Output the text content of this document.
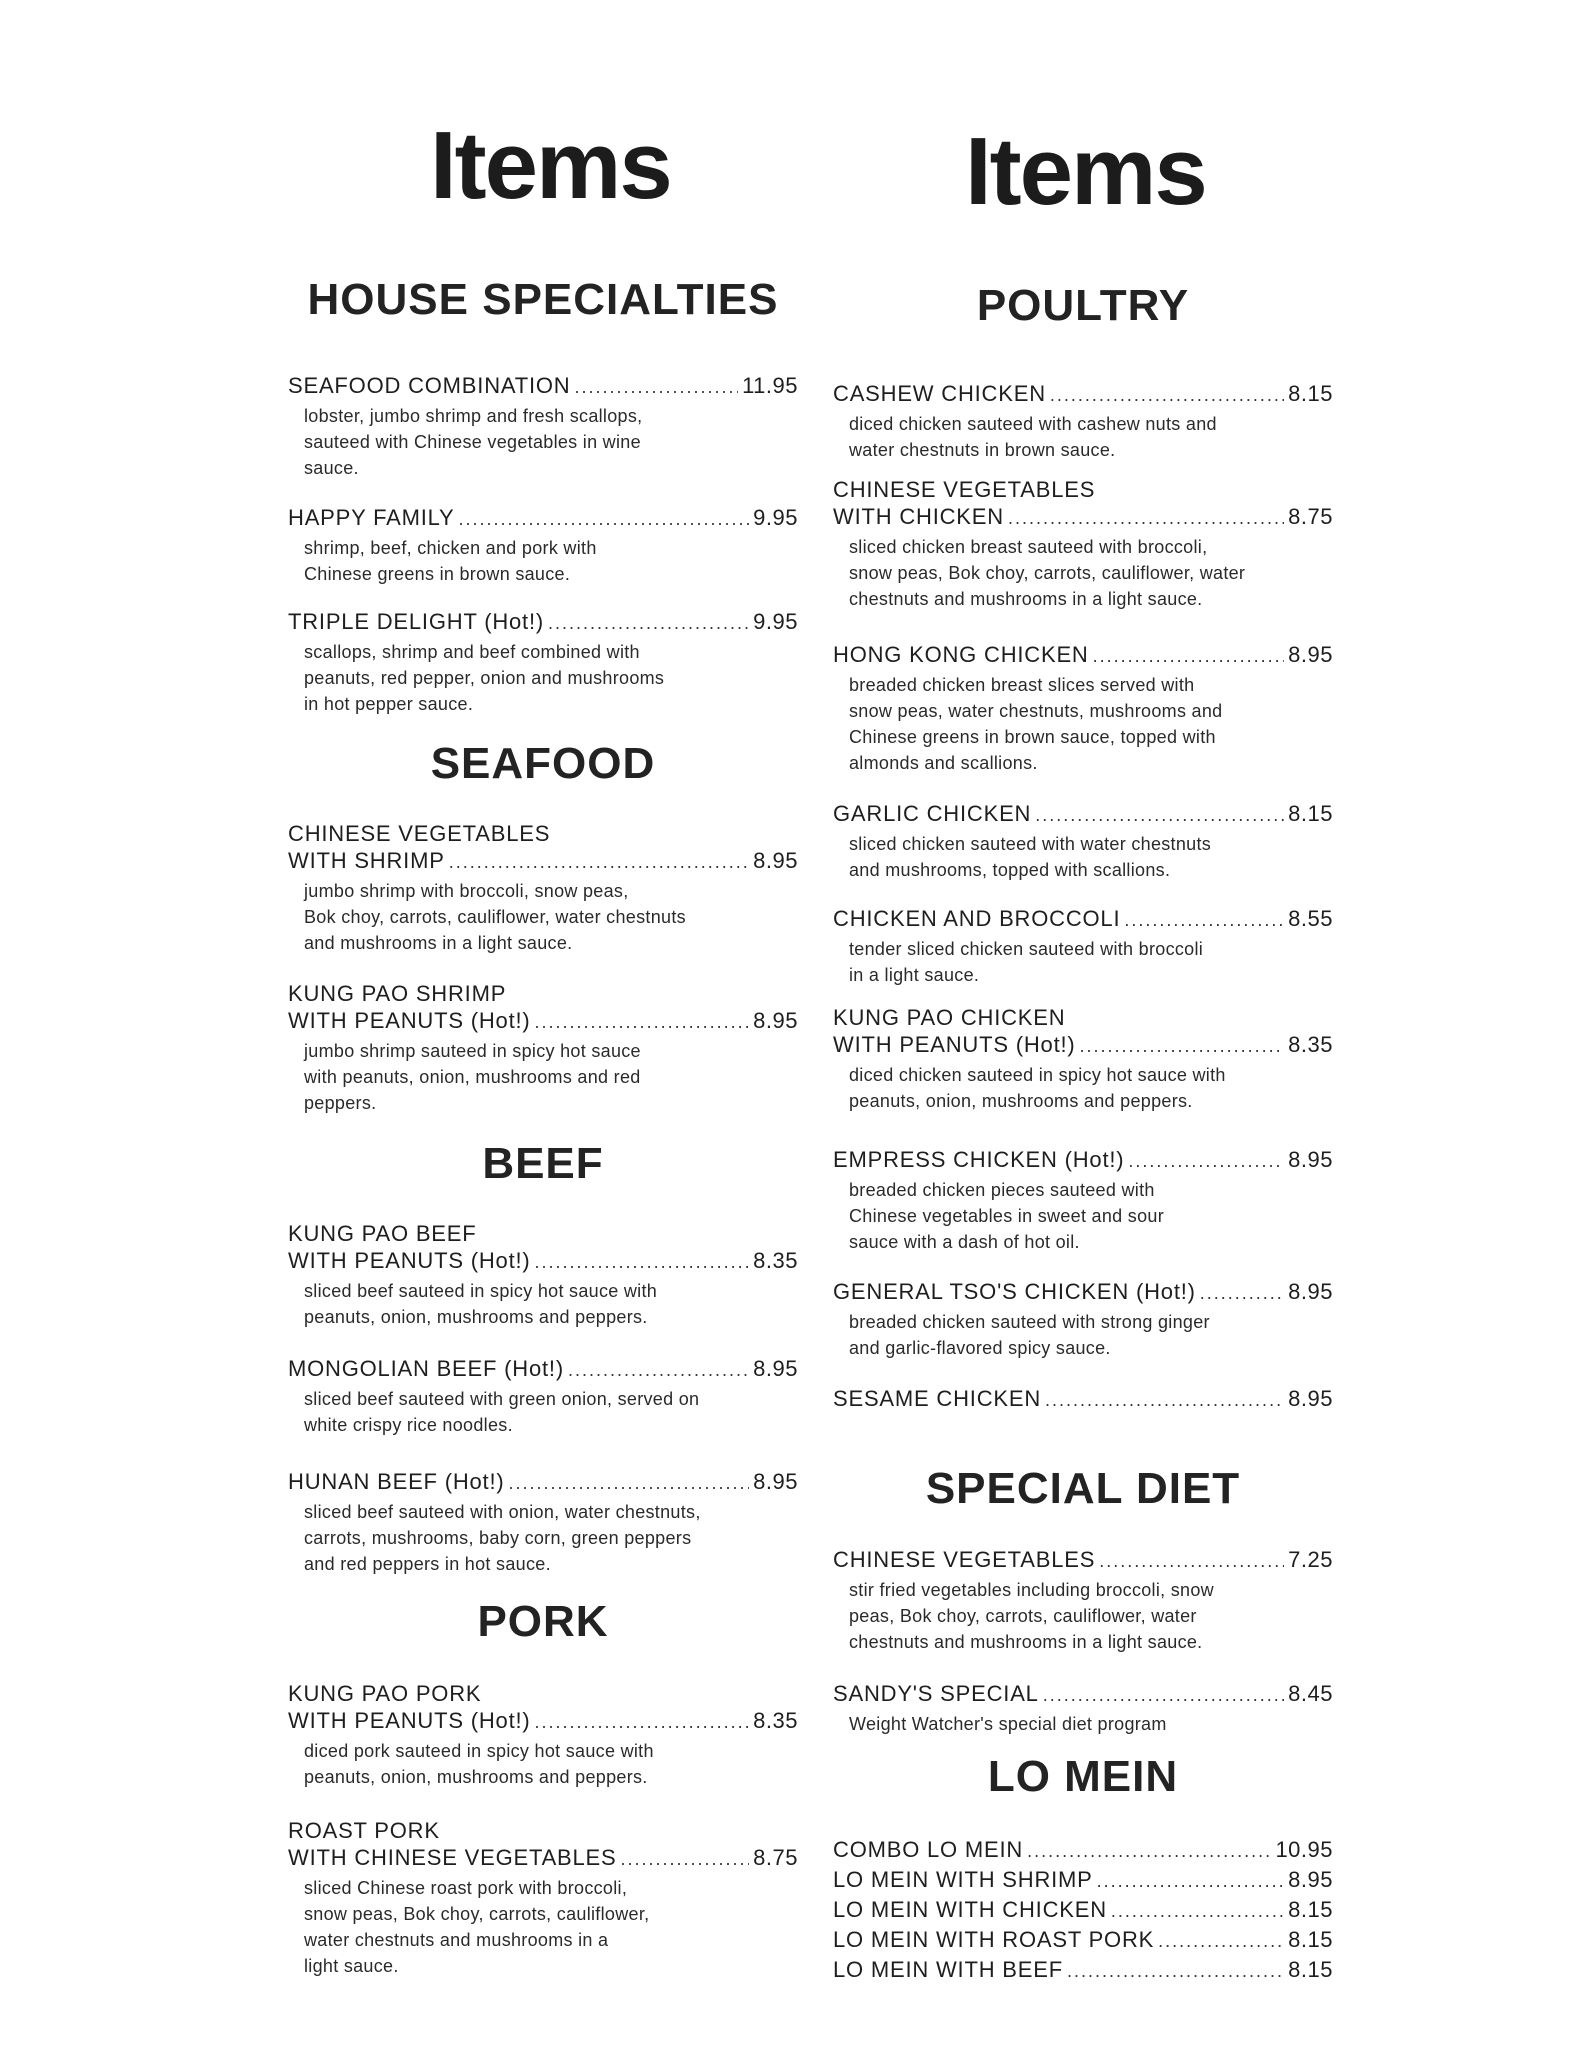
Items
HOUSE SPECIALTIES
SEAFOOD COMBINATION .....	11.95
lobster, jumbo shrimp and fresh scallops,
sauteed with Chinese vegetables in wine
sauce.
HAPPY FAMILY .....	9.95
shrimp, beef, chicken and pork with
Chinese greens in brown sauce.
TRIPLE DELIGHT (Hot!) .....	9.95
scallops, shrimp and beef combined with
peanuts, red pepper, onion and mushrooms
in hot pepper sauce.
SEAFOOD
CHINESE VEGETABLES
WITH SHRIMP .....	8.95
jumbo shrimp with broccoli, snow peas,
Bok choy, carrots, cauliflower, water chestnuts
and mushrooms in a light sauce.
KUNG PAO SHRIMP
WITH PEANUTS (Hot!) .....	8.95
jumbo shrimp sauteed in spicy hot sauce
with peanuts, onion, mushrooms and red
peppers.
BEEF
KUNG PAO BEEF
WITH PEANUTS (Hot!) .....	8.35
sliced beef sauteed in spicy hot sauce with
peanuts, onion, mushrooms and peppers.
MONGOLIAN BEEF (Hot!) .....	8.95
sliced beef sauteed with green onion, served on
white crispy rice noodles.
HUNAN BEEF (Hot!) .....	8.95
sliced beef sauteed with onion, water chestnuts,
carrots, mushrooms, baby corn, green peppers
and red peppers in hot sauce.
PORK
KUNG PAO PORK
WITH PEANUTS (Hot!) .....	8.35
diced pork sauteed in spicy hot sauce with
peanuts, onion, mushrooms and peppers.
ROAST PORK
WITH CHINESE VEGETABLES .....	8.75
sliced Chinese roast pork with broccoli,
snow peas, Bok choy, carrots, cauliflower,
water chestnuts and mushrooms in a
light sauce.
Items
POULTRY
CASHEW CHICKEN .....	8.15
diced chicken sauteed with cashew nuts and
water chestnuts in brown sauce.
CHINESE VEGETABLES
WITH CHICKEN .....	8.75
sliced chicken breast sauteed with broccoli,
snow peas, Bok choy, carrots, cauliflower, water
chestnuts and mushrooms in a light sauce.
HONG KONG CHICKEN .....	8.95
breaded chicken breast slices served with
snow peas, water chestnuts, mushrooms and
Chinese greens in brown sauce, topped with
almonds and scallions.
GARLIC CHICKEN .....	8.15
sliced chicken sauteed with water chestnuts
and mushrooms, topped with scallions.
CHICKEN AND BROCCOLI .....	8.55
tender sliced chicken sauteed with broccoli
in a light sauce.
KUNG PAO CHICKEN
WITH PEANUTS (Hot!) .....	8.35
diced chicken sauteed in spicy hot sauce with
peanuts, onion, mushrooms and peppers.
EMPRESS CHICKEN (Hot!) .....	8.95
breaded chicken pieces sauteed with
Chinese vegetables in sweet and sour
sauce with a dash of hot oil.
GENERAL TSO'S CHICKEN (Hot!) .....	8.95
breaded chicken sauteed with strong ginger
and garlic-flavored spicy sauce.
SESAME CHICKEN .....	8.95
SPECIAL DIET
CHINESE VEGETABLES .....	7.25
stir fried vegetables including broccoli, snow
peas, Bok choy, carrots, cauliflower, water
chestnuts and mushrooms in a light sauce.
SANDY'S SPECIAL .....	8.45
Weight Watcher's special diet program
LO MEIN
COMBO LO MEIN .....	10.95
LO MEIN WITH SHRIMP .....	8.95
LO MEIN WITH CHICKEN .....	8.15
LO MEIN WITH ROAST PORK .....	8.15
LO MEIN WITH BEEF .....	8.15
